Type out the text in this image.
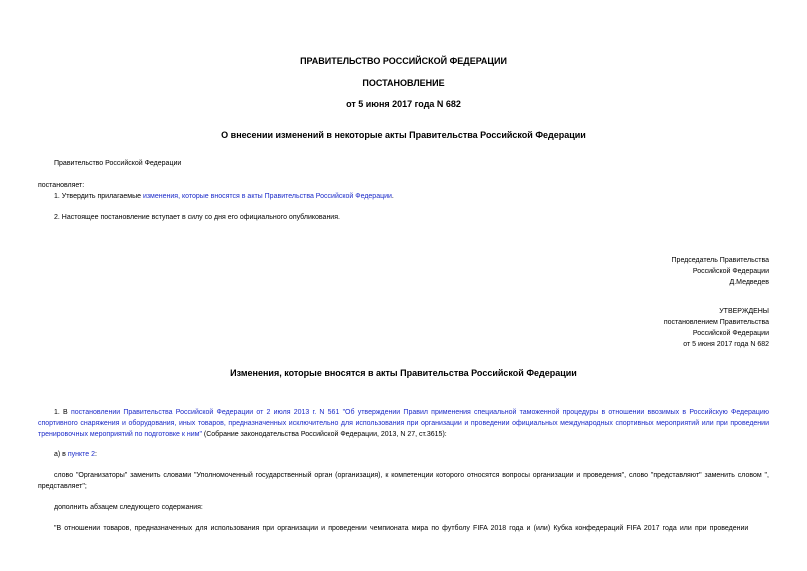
ПРАВИТЕЛЬСТВО РОССИЙСКОЙ ФЕДЕРАЦИИ
ПОСТАНОВЛЕНИЕ
от 5 июня 2017 года N 682
О внесении изменений в некоторые акты Правительства Российской Федерации
Правительство Российской Федерации
постановляет:
1. Утвердить прилагаемые изменения, которые вносятся в акты Правительства Российской Федерации.
2. Настоящее постановление вступает в силу со дня его официального опубликования.
Председатель Правительства
Российской Федерации
Д.Медведев
УТВЕРЖДЕНЫ
постановлением Правительства
Российской Федерации
от 5 июня 2017 года N 682
Изменения, которые вносятся в акты Правительства Российской Федерации
1. В постановлении Правительства Российской Федерации от 2 июля 2013 г. N 561 "Об утверждении Правил применения специальной таможенной процедуры в отношении ввозимых в Российскую Федерацию спортивного снаряжения и оборудования, иных товаров, предназначенных исключительно для использования при организации и проведении официальных международных спортивных мероприятий или при проведении тренировочных мероприятий по подготовке к ним" (Собрание законодательства Российской Федерации, 2013, N 27, ст.3615):
а) в пункте 2:
слово "Организаторы" заменить словами "Уполномоченный государственный орган (организация), к компетенции которого относятся вопросы организации и проведения", слово "представляют" заменить словом ", представляет";
дополнить абзацем следующего содержания:
"В отношении товаров, предназначенных для использования при организации и проведении чемпионата мира по футболу FIFA 2018 года и (или) Кубка конфедераций FIFA 2017 года или при проведении
